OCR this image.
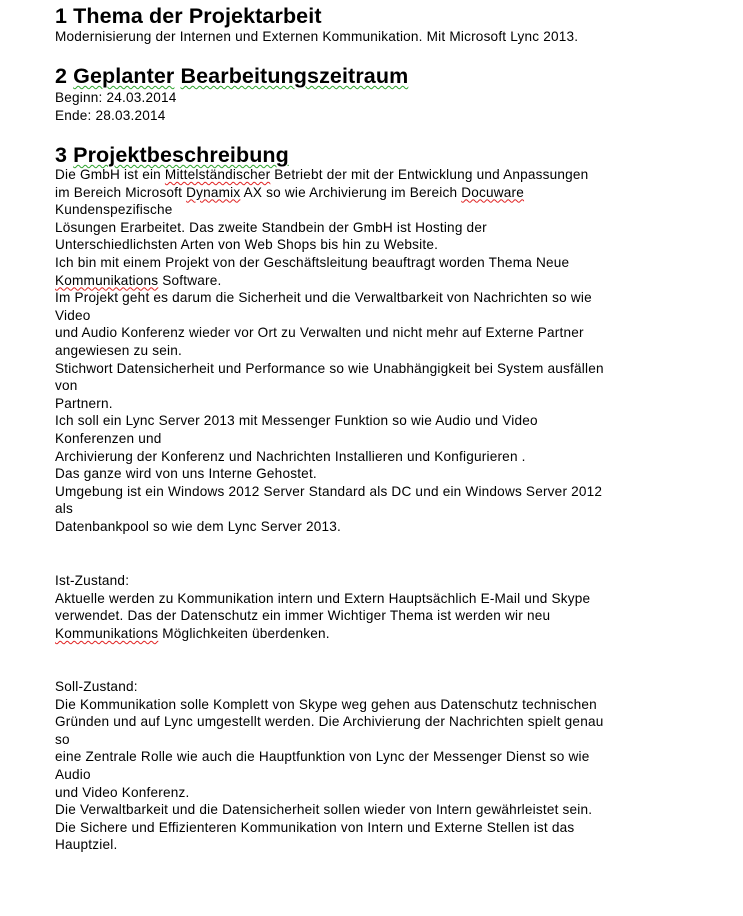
1 Thema der Projektarbeit

Modernisierung der Internen und Externen Kommunikation. Mit Microsoft Lync 2013.

2 Geplanter Bearbeitungszeitraum

Beginn: 24.03.2014

Ende: 28.03.2014

3 Projektbeschreibung

Die GmbH ist ein Mittelständischer Betriebt der mit der Entwicklung und Anpassungen

im Bereich Microsoft Dynamix AX so wie Archivierung im Bereich Docuware

Kundenspezifische

Lösungen Erarbeitet. Das zweite Standbein der GmbH ist Hosting der

Unterschiedlichsten Arten von Web Shops bis hin zu Website.

Ich bin mit einem Projekt von der Geschäftsleitung beauftragt worden Thema Neue

Kommunikations Software.

Im Projekt geht es darum die Sicherheit und die Verwaltbarkeit von Nachrichten so wie

Video

und Audio Konferenz wieder vor Ort zu Verwalten und nicht mehr auf Externe Partner

angewiesen zu sein.

Stichwort Datensicherheit und Performance so wie Unabhängigkeit bei System ausfällen

von

Partnern.

Ich soll ein Lync Server 2013 mit Messenger Funktion so wie Audio und Video

Konferenzen und

Archivierung der Konferenz und Nachrichten Installieren und Konfigurieren .

Das ganze wird von uns Interne Gehostet.

Umgebung ist ein Windows 2012 Server Standard als DC und ein Windows Server 2012

als

Datenbankpool so wie dem Lync Server 2013.

Ist-Zustand:

Aktuelle werden zu Kommunikation intern und Extern Hauptsächlich E-Mail und Skype

verwendet. Das der Datenschutz ein immer Wichtiger Thema ist werden wir neu

Kommunikations Möglichkeiten überdenken.

Soll-Zustand:

Die Kommunikation solle Komplett von Skype weg gehen aus Datenschutz technischen

Gründen und auf Lync umgestellt werden. Die Archivierung der Nachrichten spielt genau

so

eine Zentrale Rolle wie auch die Hauptfunktion von Lync der Messenger Dienst so wie

Audio

und Video Konferenz.

Die Verwaltbarkeit und die Datensicherheit sollen wieder von Intern gewährleistet sein.

Die Sichere und Effizienteren Kommunikation von Intern und Externe Stellen ist das

Hauptziel.
